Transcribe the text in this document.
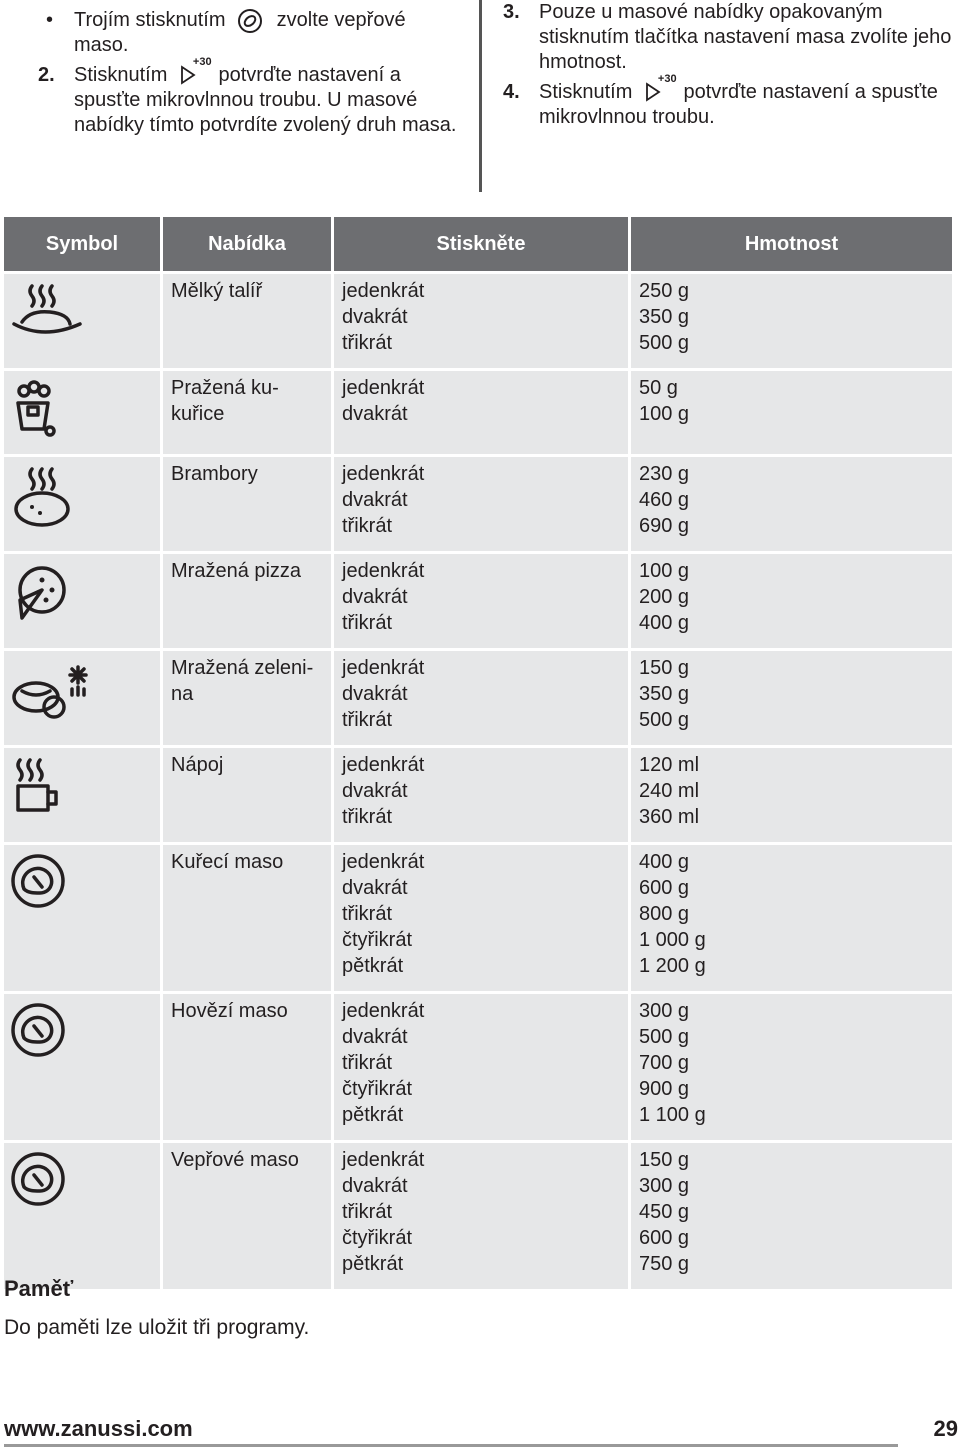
• Trojím stisknutím	zvolte vepřové maso.
2. Stisknutím
+30
potvrďte nastavení a spusťte mikrovlnnou troubu. U masové nabídky tímto potvrdíte zvolený druh masa.
3. Pouze u masové nabídky opakovaným stisknutím tlačítka nastavení masa zvolíte jeho hmotnost.
4. Stisknutím
+30
potvrďte nastavení a spusťte mikrovlnnou troubu.
Symbol	Nabídka	Stiskněte	Hmotnost
	Mělký talíř	jedenkrát
dvakrát
třikrát	250 g
350 g
500 g

	Pražená ku-kuřice	jedenkrát
dvakrát	50 g
100 g

	Brambory	jedenkrát
dvakrát
třikrát	230 g
460 g
690 g

	Mražená pizza	jedenkrát
dvakrát
třikrát	100 g
200 g
400 g

	Mražená zeleni-na	jedenkrát
dvakrát
třikrát	150 g
350 g
500 g

	Nápoj	jedenkrát
dvakrát
třikrát	120 ml
240 ml
360 ml

	Kuřecí maso	jedenkrát
dvakrát
třikrát
čtyřikrát
pětkrát	400 g
600 g
800 g
1 000 g
1 200 g

	Hovězí maso	jedenkrát
dvakrát
třikrát
čtyřikrát
pětkrát	300 g
500 g
700 g
900 g
1 100 g

	Vepřové maso	jedenkrát
dvakrát
třikrát
čtyřikrát
pětkrát	150 g
300 g
450 g
600 g
750 g
Paměť
Do paměti lze uložit tři programy.
www.zanussi.com	29
